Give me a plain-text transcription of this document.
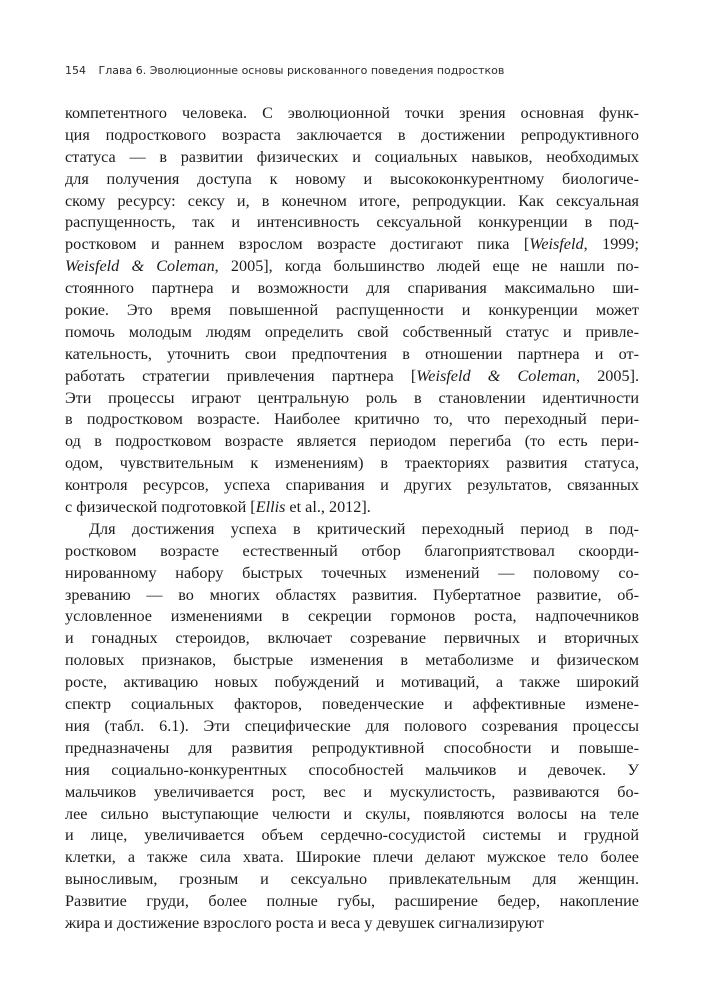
154 Глава 6. Эволюционные основы рискованного поведения подростков
компетентного человека. С эволюционной точки зрения основная функ-
ция подросткового возраста заключается в достижении репродуктивного
статуса — в развитии физических и социальных навыков, необходимых
для получения доступа к новому и высококонкурентному биологиче-
скому ресурсу: сексу и, в конечном итоге, репродукции. Как сексуальная
распущенность, так и интенсивность сексуальной конкуренции в под-
ростковом и раннем взрослом возрасте достигают пика [Weisfeld, 1999;
Weisfeld & Coleman, 2005], когда большинство людей еще не нашли по-
стоянного партнера и возможности для спаривания максимально ши-
рокие. Это время повышенной распущенности и конкуренции может
помочь молодым людям определить свой собственный статус и привле-
кательность, уточнить свои предпочтения в отношении партнера и от-
работать стратегии привлечения партнера [Weisfeld & Coleman, 2005].
Эти процессы играют центральную роль в становлении идентичности
в подростковом возрасте. Наиболее критично то, что переходный пери-
од в подростковом возрасте является периодом перегиба (то есть пери-
одом, чувствительным к изменениям) в траекториях развития статуса,
контроля ресурсов, успеха спаривания и других результатов, связанных
с физической подготовкой [Ellis et al., 2012].
Для достижения успеха в критический переходный период в под-
ростковом возрасте естественный отбор благоприятствовал скоорди-
нированному набору быстрых точечных изменений — половому со-
зреванию — во многих областях развития. Пубертатное развитие, об-
условленное изменениями в секреции гормонов роста, надпочечников
и гонадных стероидов, включает созревание первичных и вторичных
половых признаков, быстрые изменения в метаболизме и физическом
росте, активацию новых побуждений и мотиваций, а также широкий
спектр социальных факторов, поведенческие и аффективные измене-
ния (табл. 6.1). Эти специфические для полового созревания процессы
предназначены для развития репродуктивной способности и повыше-
ния социально-конкурентных способностей мальчиков и девочек. У
мальчиков увеличивается рост, вес и мускулистость, развиваются бо-
лее сильно выступающие челюсти и скулы, появляются волосы на теле
и лице, увеличивается объем сердечно-сосудистой системы и грудной
клетки, а также сила хвата. Широкие плечи делают мужское тело более
выносливым, грозным и сексуально привлекательным для женщин.
Развитие груди, более полные губы, расширение бедер, накопление
жира и достижение взрослого роста и веса у девушек сигнализируют
